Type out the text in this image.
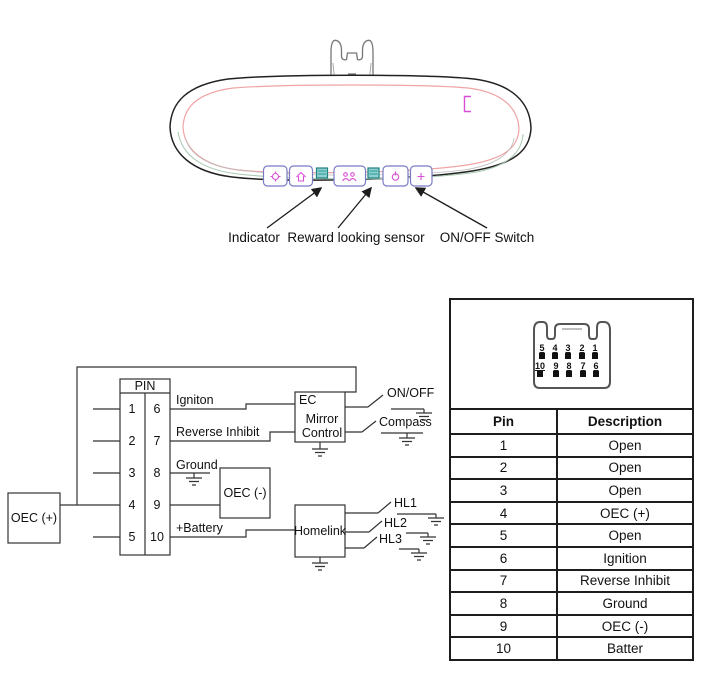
Indicator Reward looking sensor ON/OFF Switch
PIN
1
2
3
4
5
6
7
8
9
10
Igniton
Reverse Inhibit
Ground
+Battery
OEC (+)
OEC (-)
EC
Mirror
Control
Homelink
ON/OFF
Compass
HL1
HL2
HL3
5 4 3 2 1
10 9 8 7 6
Pin	Description
1	Open
2	Open
3	Open
4	OEC (+)
5	Open
6	Ignition
7	Reverse Inhibit
8	Ground
9	OEC (-)
10	Batter
